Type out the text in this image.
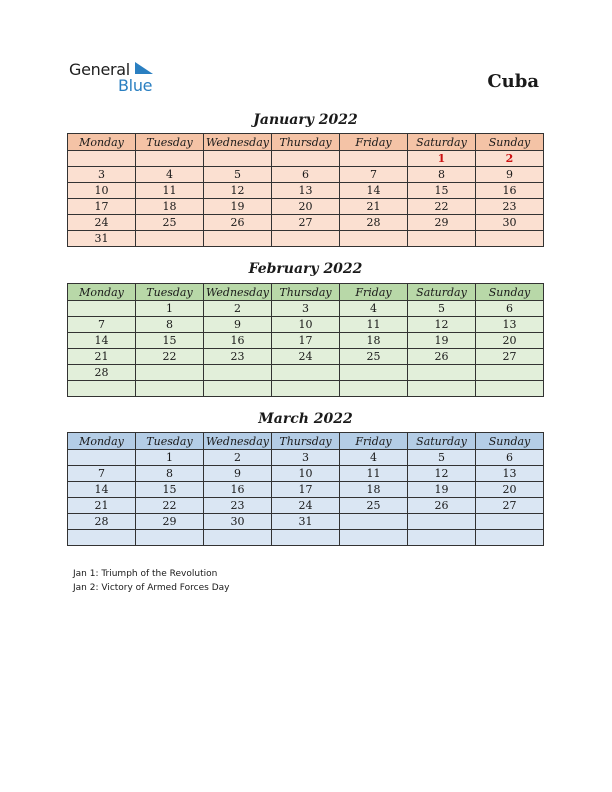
General
Blue	Cuba
January 2022
Monday	Tuesday	Wednesday	Thursday	Friday	Saturday	Sunday
					1	2
3	4	5	6	7	8	9
10	11	12	13	14	15	16
17	18	19	20	21	22	23
24	25	26	27	28	29	30
31						
February 2022
Monday	Tuesday	Wednesday	Thursday	Friday	Saturday	Sunday
	1	2	3	4	5	6
7	8	9	10	11	12	13
14	15	16	17	18	19	20
21	22	23	24	25	26	27
28						

March 2022
Monday	Tuesday	Wednesday	Thursday	Friday	Saturday	Sunday
	1	2	3	4	5	6
7	8	9	10	11	12	13
14	15	16	17	18	19	20
21	22	23	24	25	26	27
28	29	30	31			

Jan 1: Triumph of the Revolution
Jan 2: Victory of Armed Forces Day
